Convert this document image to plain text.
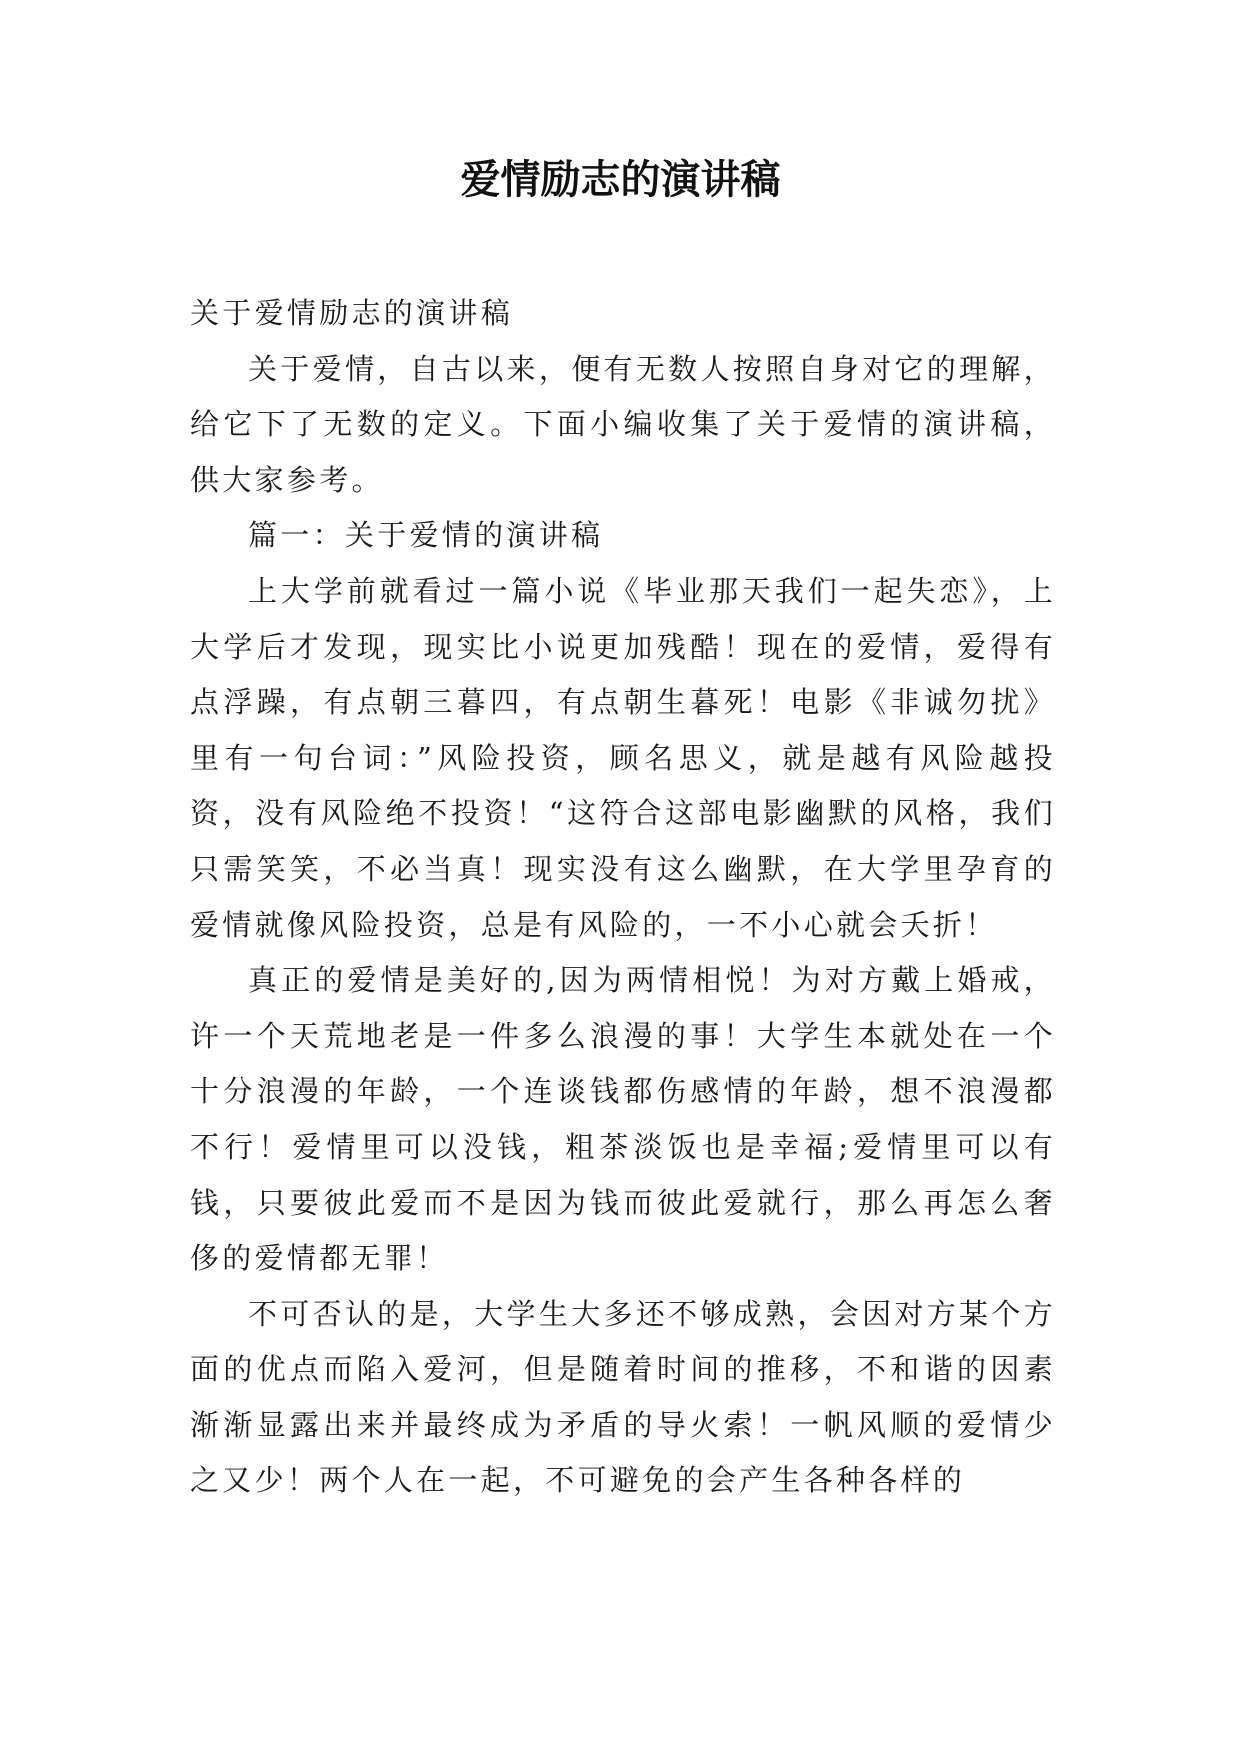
爱情励志的演讲稿

关于爱情励志的演讲稿

关于爱情，自古以来，便有无数人按照自身对它的理解，给它下了无数的定义。下面小编收集了关于爱情的演讲稿，供大家参考。

篇一：关于爱情的演讲稿

上大学前就看过一篇小说《毕业那天我们一起失恋》，上大学后才发现，现实比小说更加残酷！现在的爱情，爱得有点浮躁，有点朝三暮四，有点朝生暮死！电影《非诚勿扰》里有一句台词：”风险投资，顾名思义，就是越有风险越投资，没有风险绝不投资！“这符合这部电影幽默的风格，我们只需笑笑，不必当真！现实没有这么幽默，在大学里孕育的爱情就像风险投资，总是有风险的，一不小心就会夭折！

真正的爱情是美好的,因为两情相悦！为对方戴上婚戒，许一个天荒地老是一件多么浪漫的事！大学生本就处在一个十分浪漫的年龄，一个连谈钱都伤感情的年龄，想不浪漫都不行！爱情里可以没钱，粗茶淡饭也是幸福;爱情里可以有钱，只要彼此爱而不是因为钱而彼此爱就行，那么再怎么奢侈的爱情都无罪！

不可否认的是，大学生大多还不够成熟，会因对方某个方面的优点而陷入爱河，但是随着时间的推移，不和谐的因素渐渐显露出来并最终成为矛盾的导火索！一帆风顺的爱情少之又少！两个人在一起，不可避免的会产生各种各样的
